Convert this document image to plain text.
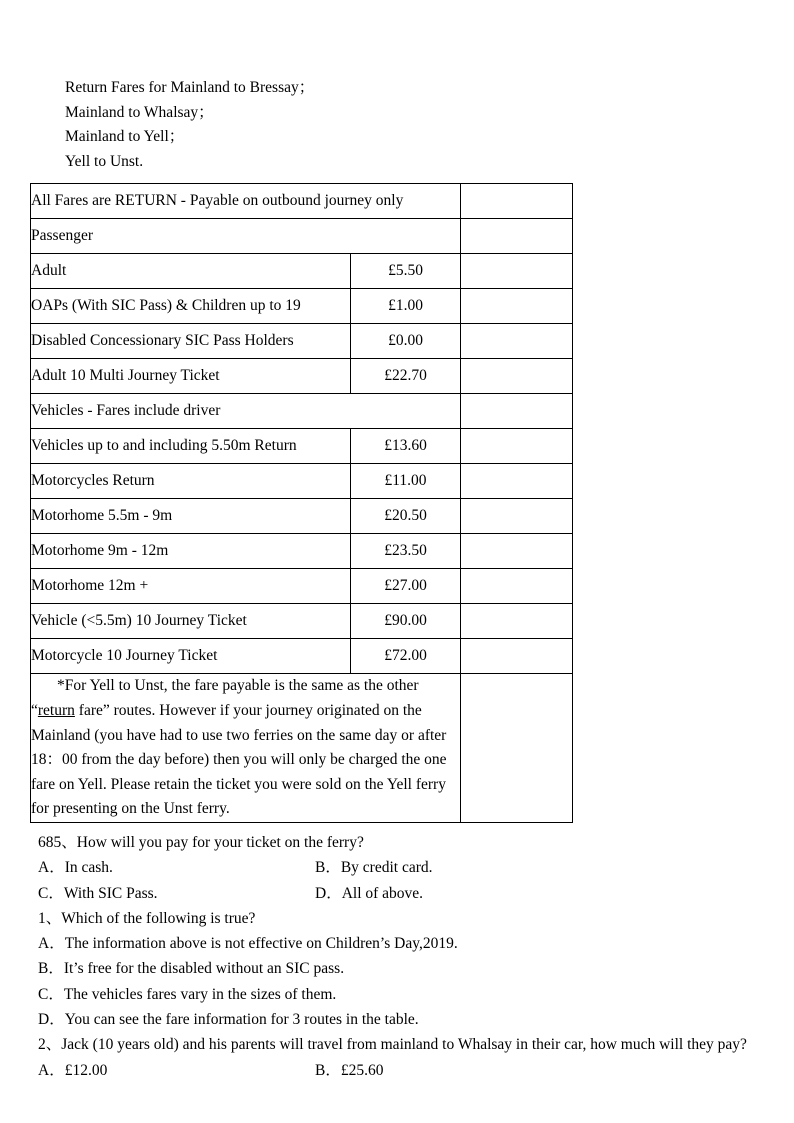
Return Fares for Mainland to Bressay；
Mainland to Whalsay；
Mainland to Yell；
Yell to Unst.
All Fares are RETURN - Payable on outbound journey only		
Passenger		
Adult	£5.50	
OAPs (With SIC Pass) & Children up to 19	£1.00	
Disabled Concessionary SIC Pass Holders	£0.00	
Adult 10 Multi Journey Ticket	£22.70	
Vehicles - Fares include driver		
Vehicles up to and including 5.50m Return	£13.60	
Motorcycles Return	£11.00	
Motorhome 5.5m - 9m	£20.50	
Motorhome 9m - 12m	£23.50	
Motorhome 12m +	£27.00	
Vehicle (<5.5m) 10 Journey Ticket	£90.00	
Motorcycle 10 Journey Ticket	£72.00	
*For Yell to Unst, the fare payable is the same as the other “return fare” routes. However if your journey originated on the Mainland (you have had to use two ferries on the same day or after 18：00 from the day before) then you will only be charged the one fare on Yell. Please retain the ticket you were sold on the Yell ferry for presenting on the Unst ferry.		
685、How will you pay for your ticket on the ferry?
A．In cash.	B．By credit card.
C．With SIC Pass.	D．All of above.
1、Which of the following is true?
A．The information above is not effective on Children’s Day,2019.
B．It’s free for the disabled without an SIC pass.
C．The vehicles fares vary in the sizes of them.
D．You can see the fare information for 3 routes in the table.
2、Jack (10 years old) and his parents will travel from mainland to Whalsay in their car, how much will they pay?
A．£12.00	B．£25.60
